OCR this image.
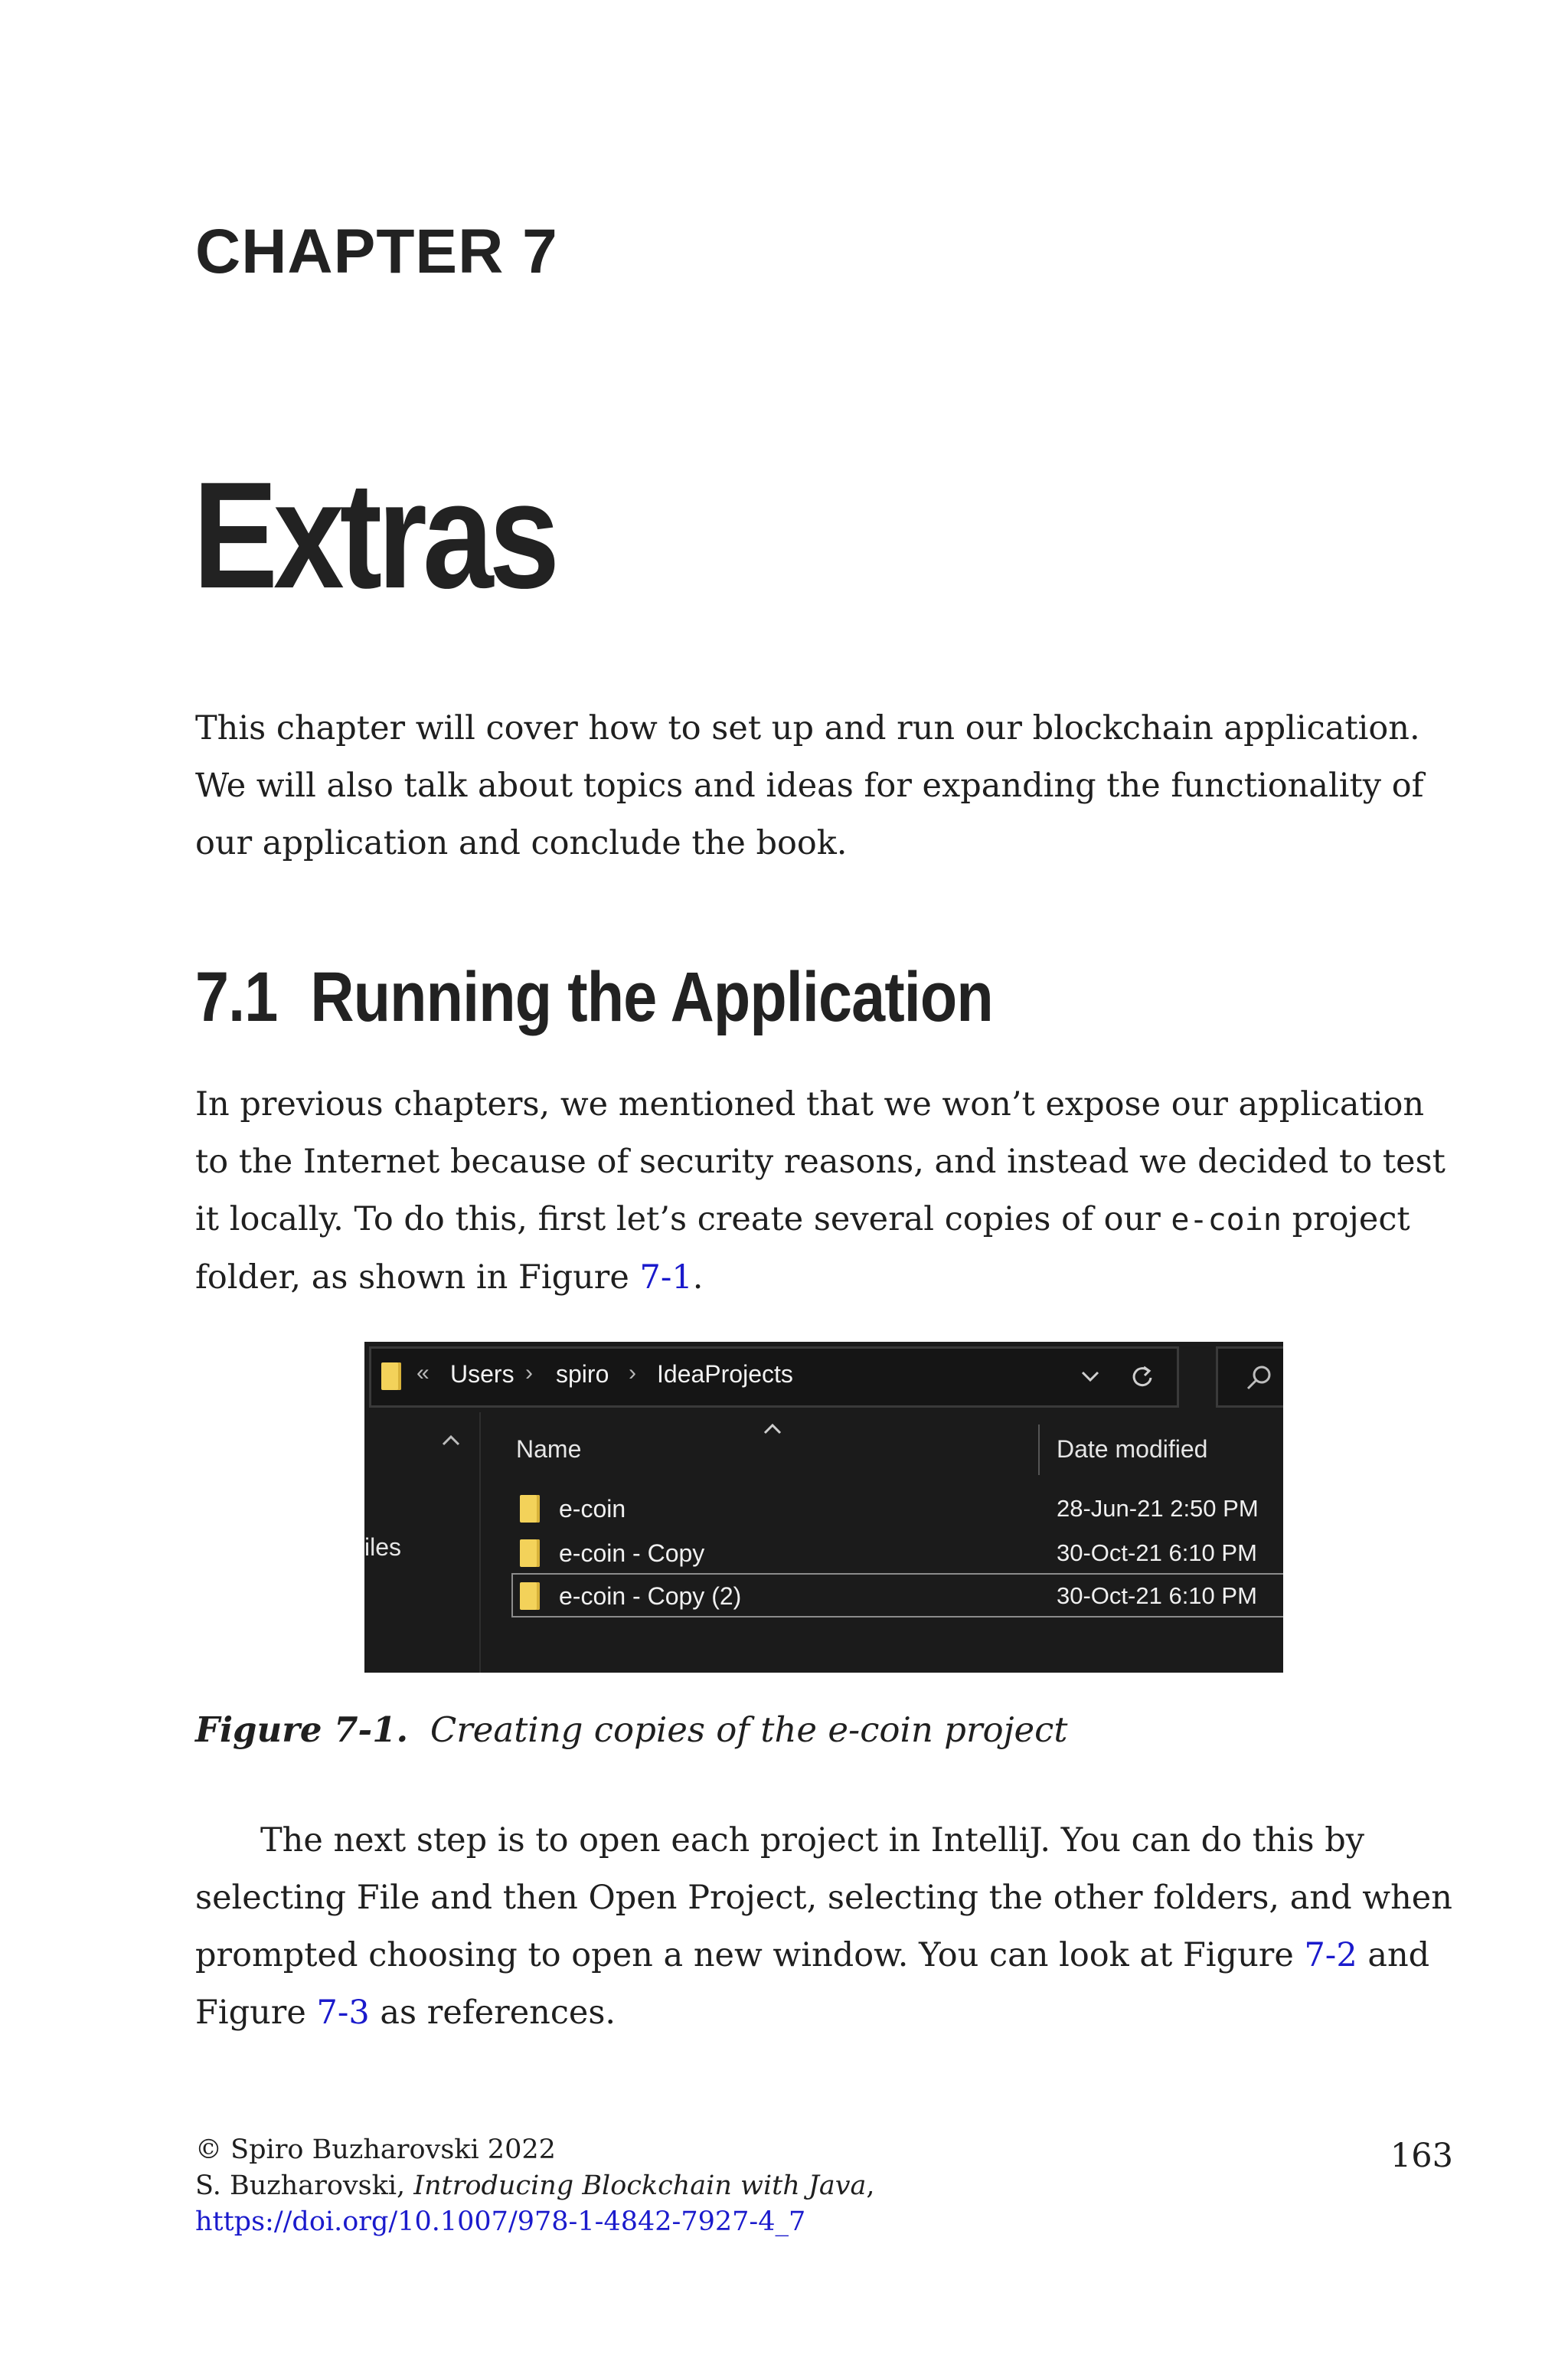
CHAPTER 7
Extras

This chapter will cover how to set up and run our blockchain application. We will also talk about topics and ideas for expanding the functionality of our application and conclude the book.

7.1 Running the Application

In previous chapters, we mentioned that we won’t expose our application to the Internet because of security reasons, and instead we decided to test it locally. To do this, first let’s create several copies of our e-coin project folder, as shown in Figure 7-1.

« Users › spiro › IdeaProjects
iles
Name	Date modified
e-coin	28-Jun-21 2:50 PM
e-coin - Copy	30-Oct-21 6:10 PM
e-coin - Copy (2)	30-Oct-21 6:10 PM

Figure 7-1. Creating copies of the e-coin project

The next step is to open each project in IntelliJ. You can do this by selecting File and then Open Project, selecting the other folders, and when prompted choosing to open a new window. You can look at Figure 7-2 and Figure 7-3 as references.

© Spiro Buzharovski 2022

S. Buzharovski, Introducing Blockchain with Java,

https://doi.org/10.1007/978-1-4842-7927-4_7

163
